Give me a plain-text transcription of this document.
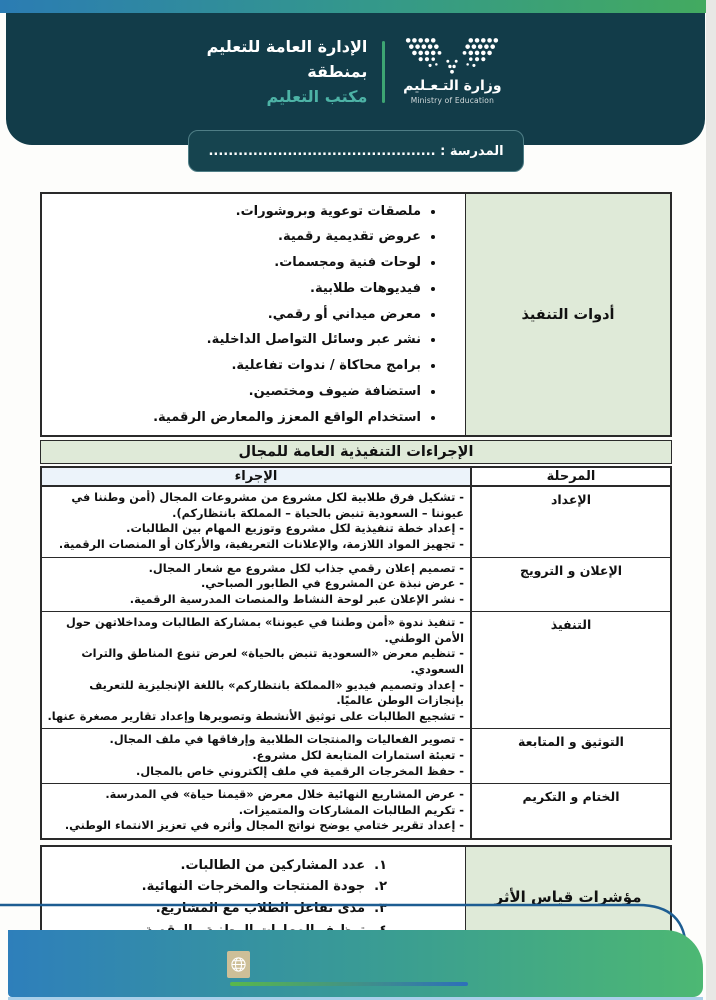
وزارة التـعـليم
Ministry of Education
الإدارة العامة للتعليم
بمنطقة
مكتب التعليم
المدرسة : ..............................................
أدوات التنفيذ
• ملصقات توعوية وبروشورات.
• عروض تقديمية رقمية.
• لوحات فنية ومجسمات.
• فيديوهات طلابية.
• معرض ميداني أو رقمي.
• نشر عبر وسائل التواصل الداخلية.
• برامج محاكاة / ندوات تفاعلية.
• استضافة ضيوف ومختصين.
• استخدام الواقع المعزز والمعارض الرقمية.
الإجراءات التنفيذية العامة للمجال
المرحلة	الإجراء
الإعداد	- تشكيل فرق طلابية لكل مشروع من مشروعات المجال (أمن وطننا في عيوننا – السعودية تنبض بالحياة – المملكة بانتظاركم).
- إعداد خطة تنفيذية لكل مشروع وتوزيع المهام بين الطالبات.
- تجهيز المواد اللازمة، والإعلانات التعريفية، والأركان أو المنصات الرقمية.

الإعلان و الترويج	- تصميم إعلان رقمي جذاب لكل مشروع مع شعار المجال.
- عرض نبذة عن المشروع في الطابور الصباحي.
- نشر الإعلان عبر لوحة النشاط والمنصات المدرسية الرقمية.

التنفيذ	- تنفيذ ندوة «أمن وطننا في عيوننا» بمشاركة الطالبات ومداخلاتهن حول الأمن الوطني.
- تنظيم معرض «السعودية تنبض بالحياة» لعرض تنوع المناطق والتراث السعودي.
- إعداد وتصميم فيديو «المملكة بانتظاركم» باللغة الإنجليزية للتعريف بإنجازات الوطن عالميًا.
- تشجيع الطالبات على توثيق الأنشطة وتصويرها وإعداد تقارير مصغرة عنها.

التوثيق و المتابعة	- تصوير الفعاليات والمنتجات الطلابية وإرفاقها في ملف المجال.
- تعبئة استمارات المتابعة لكل مشروع.
- حفظ المخرجات الرقمية في ملف إلكتروني خاص بالمجال.

الختام و التكريم	- عرض المشاريع النهائية خلال معرض «قيمنا حياة» في المدرسة.
- تكريم الطالبات المشاركات والمتميزات.
- إعداد تقرير ختامي يوضح نواتج المجال وأثره في تعزيز الانتماء الوطني.
مؤشرات قياس الأثر
١.عدد المشاركين من الطالبات.
٢.جودة المنتجات والمخرجات النهائية.
٣.مدى تفاعل الطلاب مع المشاريع.
